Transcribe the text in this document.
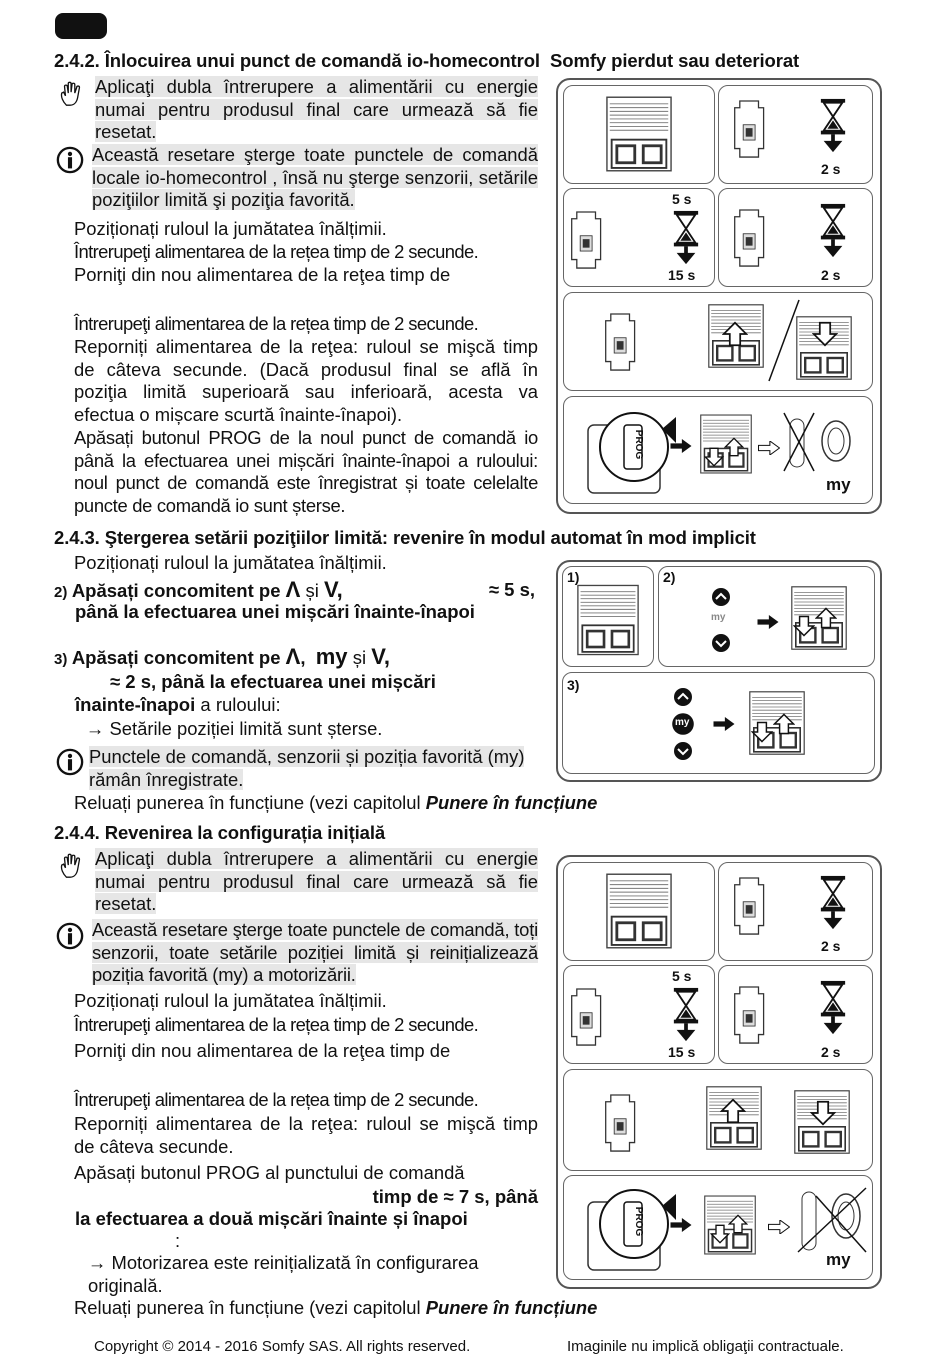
2.4.2. Înlocuirea unui punct de comandă io-homecontrol Somfy pierdut sau deteriorat
Aplicaţi dubla întrerupere a alimentării cu energie numai pentru produsul final care urmează să fie resetat.
Această resetare şterge toate punctele de comandă locale io-homecontrol , însă nu şterge senzorii, setările poziţiilor limită şi poziţia favorită.
Poziționați ruloul la jumătatea înălțimii.
Întrerupeţi alimentarea de la rețea timp de 2 secunde.
Porniţi din nou alimentarea de la reţea timp de
Întrerupeţi alimentarea de la rețea timp de 2 secunde.
Reporniți alimentarea de la reţea: ruloul se mişcă timp de câteva secunde. (Dacă produsul final se află în poziţia limită superioară sau inferioară, acesta va efectua o mișcare scurtă înainte-înapoi).
Apăsați butonul PROG de la noul punct de comandă io până la efectuarea unei mișcări înainte-înapoi a ruloului: noul punct de comandă este înregistrat și toate celelalte puncte de comandă io sunt șterse.
2 s
5 s
15 s	2 s
PROG
my
2.4.3. Ştergerea setării poziţiilor limită: revenire în modul automat în mod implicit
Poziționați ruloul la jumătatea înălțimii.
2) Apăsați concomitent pe Λ și V,	≈ 5 s,
până la efectuarea unei mișcări înainte-înapoi
3) Apăsați concomitent pe Λ,  my și V,
≈ 2 s, până la efectuarea unei mișcări
înainte-înapoi a ruloului:
→ Setările poziției limită sunt șterse.
Punctele de comandă, senzorii și poziția favorită (my) rămân înregistrate.
Reluați punerea în funcțiune (vezi capitolul Punere în funcțiune
1)	2)
my
3)
my
2.4.4. Revenirea la configurația inițială
Aplicaţi dubla întrerupere a alimentării cu energie numai pentru produsul final care urmează să fie resetat.
Această resetare şterge toate punctele de comandă, toți senzorii, toate setările poziției limită și reinițializează poziția favorită (my) a motorizării.
Poziționați ruloul la jumătatea înălțimii.
Întrerupeţi alimentarea de la rețea timp de 2 secunde.
Porniţi din nou alimentarea de la reţea timp de
Întrerupeţi alimentarea de la rețea timp de 2 secunde.
Reporniți alimentarea de la reţea: ruloul se mişcă timp de câteva secunde.
Apăsați butonul PROG al punctului de comandă
timp de ≈ 7 s, până
la efectuarea a două mișcări înainte și înapoi
:
→ Motorizarea este reinițializată în configurarea originală.
Reluați punerea în funcțiune (vezi capitolul Punere în funcțiune
2 s
5 s
15 s	2 s
PROG
my
Copyright © 2014 - 2016 Somfy SAS. All rights reserved.	Imaginile nu implică obligaţii contractuale.
